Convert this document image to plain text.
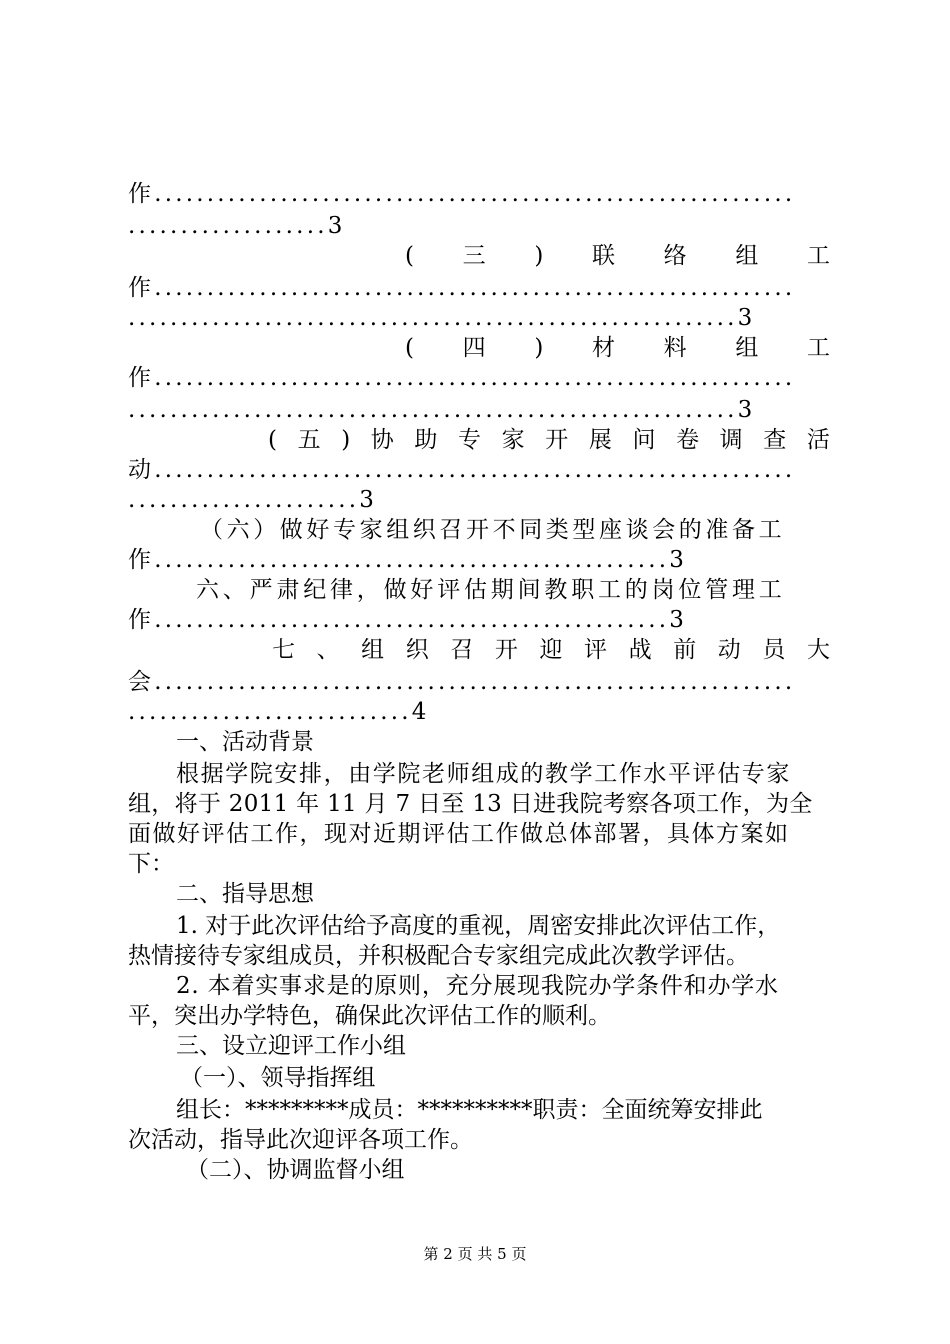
作.............................................................
...................3
( 三 ) 联 络 组 工
作.............................................................
..........................................................3
( 四 ) 材 料 组 工
作.............................................................
..........................................................3
( 五 ) 协 助 专 家 开 展 问 卷 调 查 活
动.............................................................
......................3
（六）做好专家组织召开不同类型座谈会的准备工
作.................................................3
六、严肃纪律，做好评估期间教职工的岗位管理工
作.................................................3
七 、 组 织 召 开 迎 评 战 前 动 员 大
会.............................................................
...........................4
一、活动背景
根据学院安排，由学院老师组成的教学工作水平评估专家
组，将于 2011 年 11 月 7 日至 13 日进我院考察各项工作，为全
面做好评估工作，现对近期评估工作做总体部署，具体方案如
下：
二、指导思想
1. 对于此次评估给予高度的重视，周密安排此次评估工作，
热情接待专家组成员，并积极配合专家组完成此次教学评估。
2. 本着实事求是的原则，充分展现我院办学条件和办学水
平，突出办学特色，确保此次评估工作的顺利。
三、设立迎评工作小组
（一）、领导指挥组
组长：*********成员：**********职责：全面统筹安排此
次活动，指导此次迎评各项工作。
（二）、协调监督小组
第 2 页 共 5 页
